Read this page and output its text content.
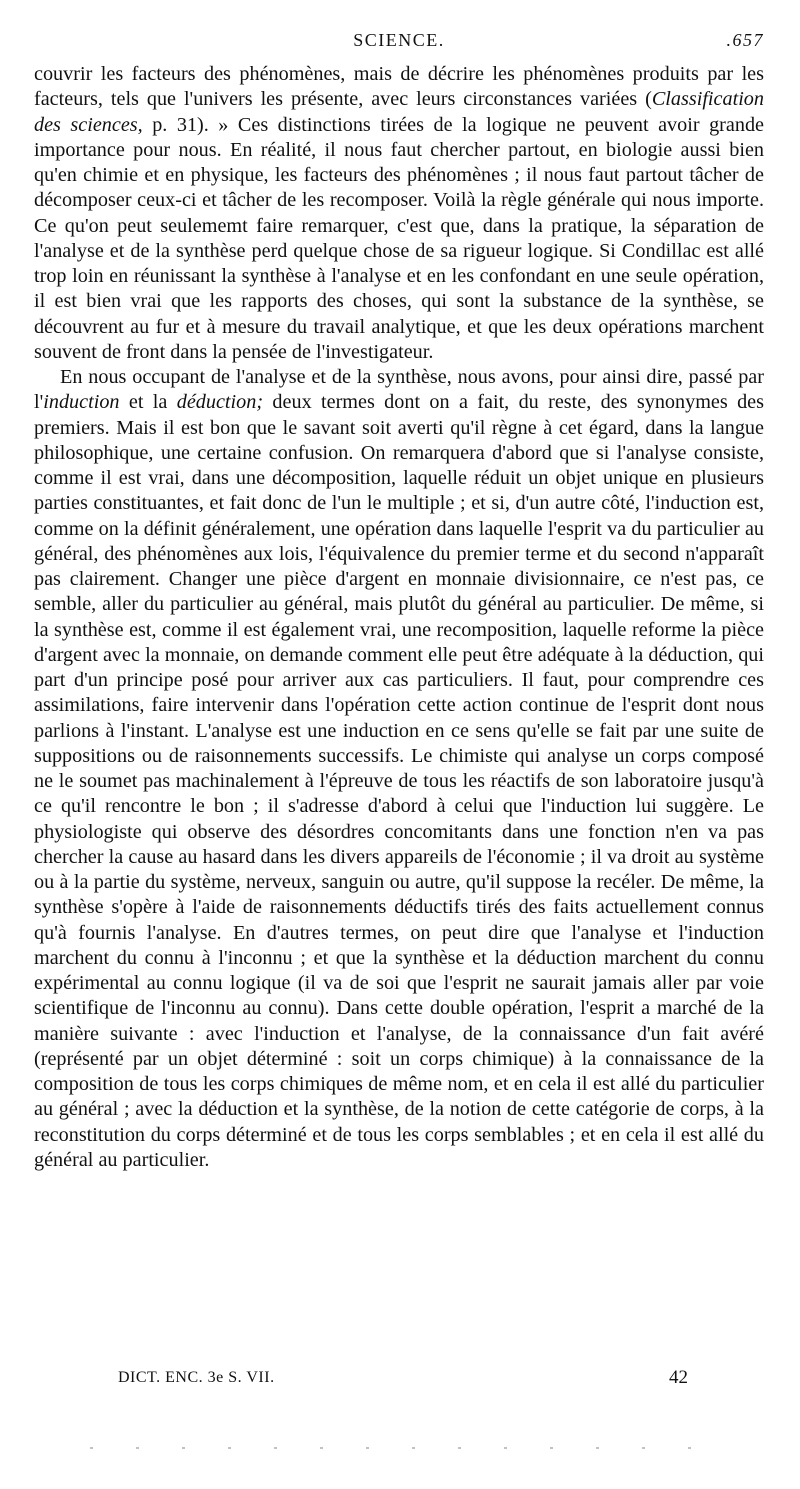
SCIENCE.	.657

couvrir les facteurs des phénomènes, mais de décrire les phénomènes produits par les facteurs, tels que l'univers les présente, avec leurs circonstances variées (Classification des sciences, p. 31). » Ces distinctions tirées de la logique ne peuvent avoir grande importance pour nous. En réalité, il nous faut chercher partout, en biologie aussi bien qu'en chimie et en physique, les facteurs des phénomènes ; il nous faut partout tâcher de décomposer ceux-ci et tâcher de les recomposer. Voilà la règle générale qui nous importe. Ce qu'on peut seulememt faire remarquer, c'est que, dans la pratique, la séparation de l'analyse et de la synthèse perd quelque chose de sa rigueur logique. Si Condillac est allé trop loin en réunissant la synthèse à l'analyse et en les confondant en une seule opération, il est bien vrai que les rapports des choses, qui sont la substance de la synthèse, se découvrent au fur et à mesure du travail analytique, et que les deux opérations marchent souvent de front dans la pensée de l'investigateur.

En nous occupant de l'analyse et de la synthèse, nous avons, pour ainsi dire, passé par l'induction et la déduction; deux termes dont on a fait, du reste, des synonymes des premiers. Mais il est bon que le savant soit averti qu'il règne à cet égard, dans la langue philosophique, une certaine confusion. On remarquera d'abord que si l'analyse consiste, comme il est vrai, dans une décomposition, laquelle réduit un objet unique en plusieurs parties constituantes, et fait donc de l'un le multiple ; et si, d'un autre côté, l'induction est, comme on la définit généralement, une opération dans laquelle l'esprit va du particulier au général, des phénomènes aux lois, l'équivalence du premier terme et du second n'apparaît pas clairement. Changer une pièce d'argent en monnaie divisionnaire, ce n'est pas, ce semble, aller du particulier au général, mais plutôt du général au particulier. De même, si la synthèse est, comme il est également vrai, une recomposition, laquelle reforme la pièce d'argent avec la monnaie, on demande comment elle peut être adéquate à la déduction, qui part d'un principe posé pour arriver aux cas particuliers. Il faut, pour comprendre ces assimilations, faire intervenir dans l'opération cette action continue de l'esprit dont nous parlions à l'instant. L'analyse est une induction en ce sens qu'elle se fait par une suite de suppositions ou de raisonnements successifs. Le chimiste qui analyse un corps composé ne le soumet pas machinalement à l'épreuve de tous les réactifs de son laboratoire jusqu'à ce qu'il rencontre le bon ; il s'adresse d'abord à celui que l'induction lui suggère. Le physiologiste qui observe des désordres concomitants dans une fonction n'en va pas chercher la cause au hasard dans les divers appareils de l'économie ; il va droit au système ou à la partie du système, nerveux, sanguin ou autre, qu'il suppose la recéler. De même, la synthèse s'opère à l'aide de raisonnements déductifs tirés des faits actuellement connus qu'à fournis l'analyse. En d'autres termes, on peut dire que l'analyse et l'induction marchent du connu à l'inconnu ; et que la synthèse et la déduction marchent du connu expérimental au connu logique (il va de soi que l'esprit ne saurait jamais aller par voie scientifique de l'inconnu au connu). Dans cette double opération, l'esprit a marché de la manière suivante : avec l'induction et l'analyse, de la connaissance d'un fait avéré (représenté par un objet déterminé : soit un corps chimique) à la connaissance de la composition de tous les corps chimiques de même nom, et en cela il est allé du particulier au général ; avec la déduction et la synthèse, de la notion de cette catégorie de corps, à la reconstitution du corps déterminé et de tous les corps semblables ; et en cela il est allé du général au particulier.

DICT. ENC. 3e S. VII.	42
